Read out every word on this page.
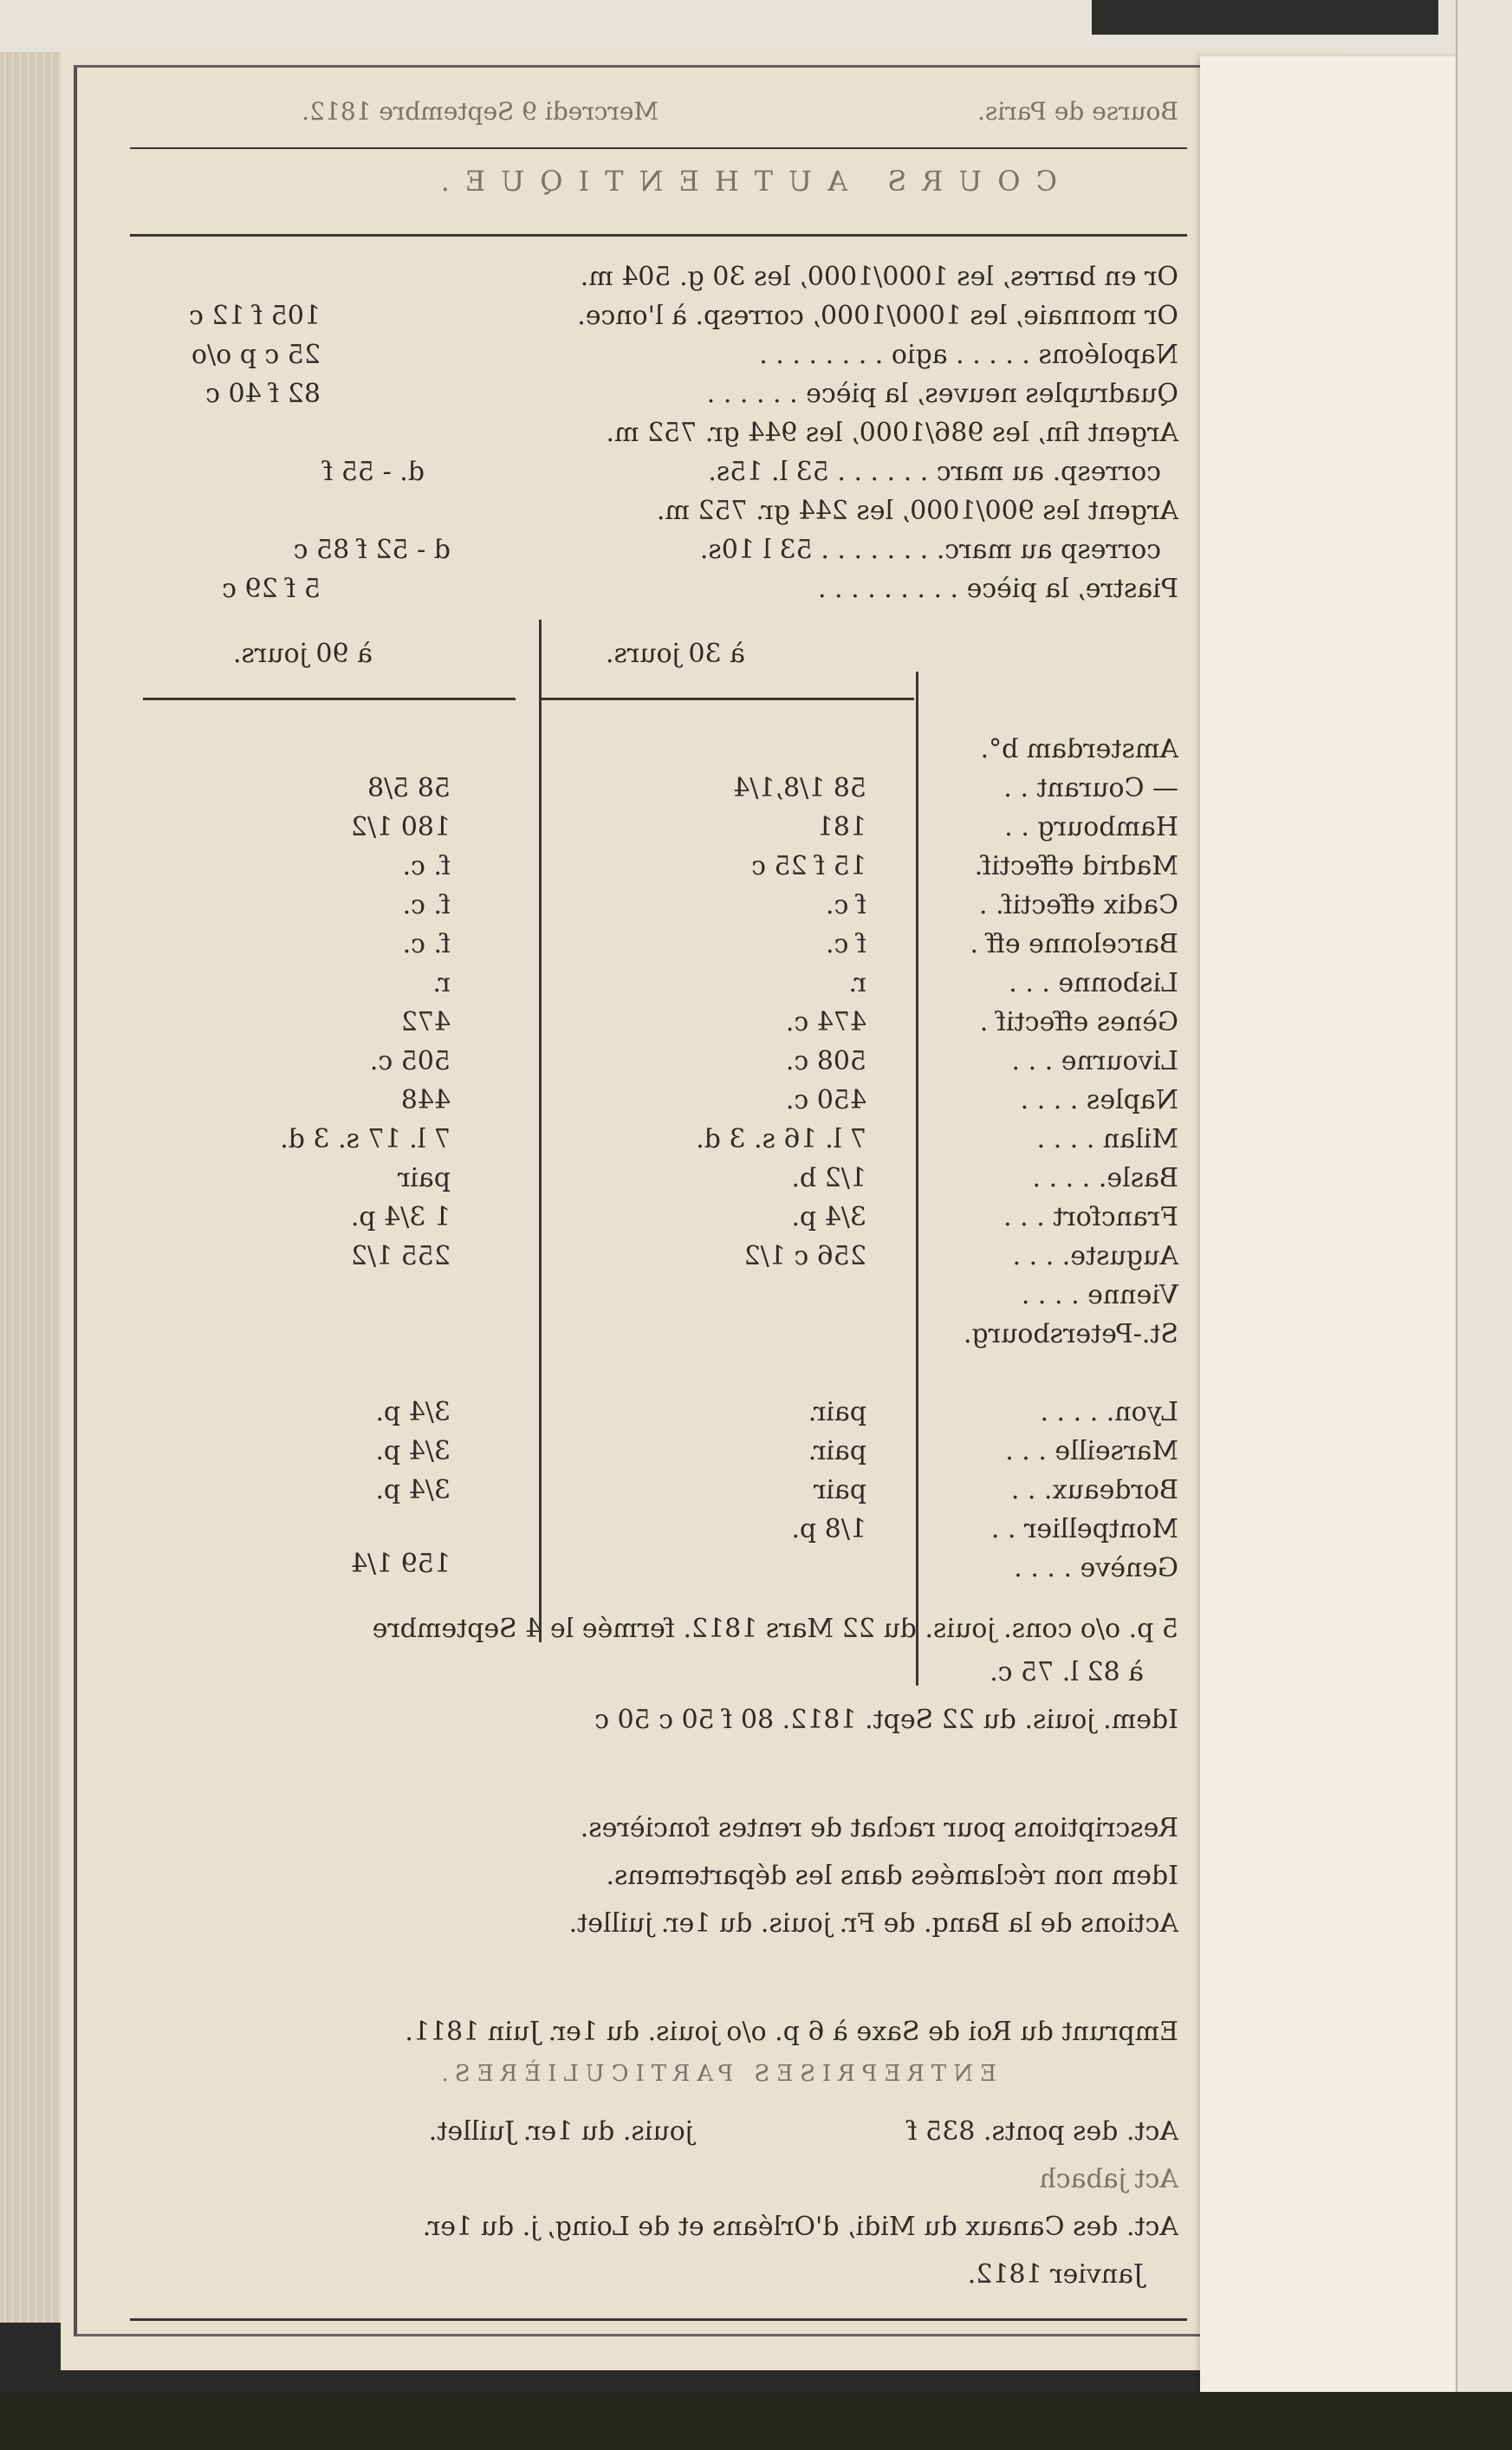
Bourse de Paris.
Mercredi 9 Septembre 1812.
COURS AUTHENTIQUE.
Or en barres, les 1000/1000, les 30 g. 504 m.
Or monnaie, les 1000/1000, corresp. à l'once.
105 f 12 c
Napoléons . . . . . agio . . . . . . . .
25 c p o/o
Quadruples neuves, la pièce . . . . . .
82 f 40 c
Argent fin, les 986/1000, les 944 gr. 752 m.
corresp. au marc . . . . . . 53 l. 15s.
d. - 55 f
Argent les 900/1000, les 244 gr. 752 m.
corresp au marc. . . . . . . . 53 l 10s.
d - 52 f 85 c
Piastre, la pièce . . . . . . . . .
5 f 29 c
à 30 jours.
à 90 jours.
Amsterdam b°.
— Courant . .
58 1/8,1/4
58 5/8
Hambourg . .
181
180 1/2
Madrid effectif.
15 f 25 c
f. c.
Cadix effectif. .
f c.
f. c.
Barcelonne eff .
f c.
f. c.
Lisbonne . . .
r.
r.
Gènes effectif .
474 c.
472
Livourne . . .
508 c.
505 c.
Naples . . . .
450 c.
448
Milan . . . .
7 l. 16 s. 3 d.
7 l. 17 s. 3 d.
Basle. . . . .
1/2 b.
pair
Francfort . . .
3/4 p.
1 3/4 p.
Auguste. . . .
256 c 1/2
255 1/2
Vienne . . . .
St.-Petersbourg.
Lyon. . . . .
pair.
3/4 p.
Marseille . . .
pair.
3/4 p.
Bordeaux. . .
pair
3/4 p.
Montpellier . .
1/8 p.
Genève . . . .
159 1/4
5 p. o/o cons. jouis. du 22 Mars 1812. fermée le 4 Septembre
à 82 l. 75 c.
Idem. jouis. du 22 Sept. 1812. 80 f 50 c 50 c
Rescriptions pour rachat de rentes foncières.
Idem non réclamées dans les départemens.
Actions de la Banq. de Fr. jouis. du 1er. juillet.
Emprunt du Roi de Saxe à 6 p. o/o jouis. du 1er. Juin 1811.
ENTREPRISES PARTICULIÈRES.
Act. des ponts. 835 f
jouis. du 1er. Juillet.
Act jabach
Act. des Canaux du Midi, d'Orléans et de Loing, j. du 1er.
Janvier 1812.
